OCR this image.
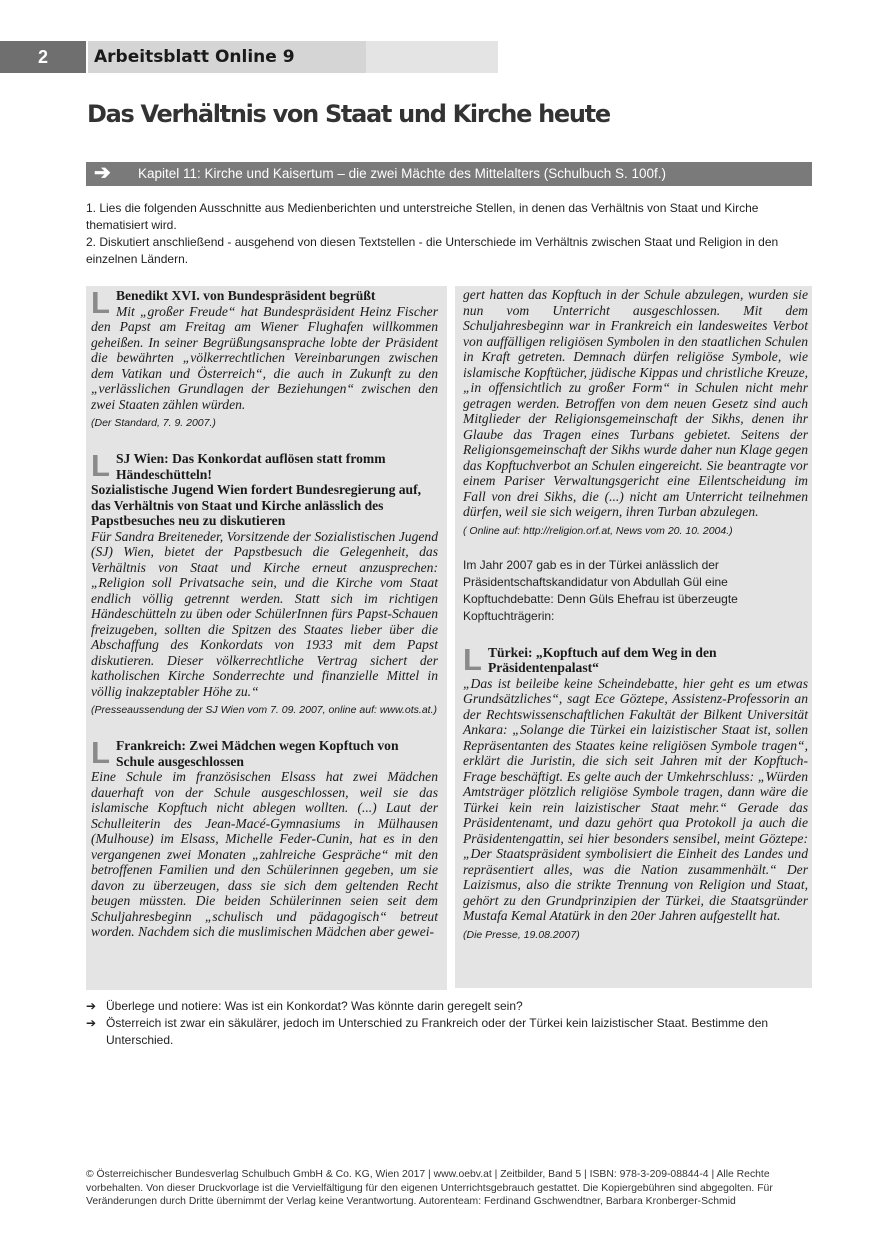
2	Arbeitsblatt Online 9
Das Verhältnis von Staat und Kirche heute
➔ Kapitel 11: Kirche und Kaisertum – die zwei Mächte des Mittelalters (Schulbuch S. 100f.)

1. Lies die folgenden Ausschnitte aus Medienberichten und unterstreiche Stellen, in denen das Verhältnis von Staat und Kirche thematisiert wird.

2. Diskutiert anschließend - ausgehend von diesen Textstellen - die Unterschiede im Verhältnis zwischen Staat und Religion in den einzelnen Ländern.

L Benedikt XVI. von Bundespräsident begrüßt
Mit „großer Freude“ hat Bundespräsident Heinz Fischer den Papst am Freitag am Wiener Flughafen willkommen geheißen. In seiner Begrüßungsansprache lobte der Präsident die bewährten „völkerrechtlichen Vereinbarungen zwischen dem Vatikan und Österreich“, die auch in Zukunft zu den „verlässlichen Grundlagen der Beziehungen“ zwischen den zwei Staaten zählen würden.
(Der Standard, 7. 9. 2007.)
L SJ Wien: Das Konkordat auflösen statt fromm Händeschütteln!
Sozialistische Jugend Wien fordert Bundesregierung auf, das Verhältnis von Staat und Kirche anlässlich des Papstbesuches neu zu diskutieren
Für Sandra Breiteneder, Vorsitzende der Sozialistischen Jugend (SJ) Wien, bietet der Papstbesuch die Gelegenheit, das Verhältnis von Staat und Kirche erneut anzusprechen: „Religion soll Privatsache sein, und die Kirche vom Staat endlich völlig getrennt werden. Statt sich im richtigen Händeschütteln zu üben oder SchülerInnen fürs Papst-Schauen freizugeben, sollten die Spitzen des Staates lieber über die Abschaffung des Konkordats von 1933 mit dem Papst diskutieren. Dieser völkerrechtliche Vertrag sichert der katholischen Kirche Sonderrechte und finanzielle Mittel in völlig inakzeptabler Höhe zu.“
(Presseaussendung der SJ Wien vom 7. 09. 2007, online auf: www.ots.at.)
L Frankreich: Zwei Mädchen wegen Kopftuch von Schule ausgeschlossen
Eine Schule im französischen Elsass hat zwei Mädchen dauerhaft von der Schule ausgeschlossen, weil sie das islamische Kopftuch nicht ablegen wollten. (...) Laut der Schulleiterin des Jean-Macé-Gymnasiums in Mülhausen (Mulhouse) im Elsass, Michelle Feder-Cunin, hat es in den vergangenen zwei Monaten „zahlreiche Gespräche“ mit den betroffenen Familien und den Schülerinnen gegeben, um sie davon zu überzeugen, dass sie sich dem geltenden Recht beugen müssten. Die beiden Schülerinnen seien seit dem Schuljahresbeginn „schulisch und pädagogisch“ betreut worden. Nachdem sich die muslimischen Mädchen aber gewei-
gert hatten das Kopftuch in der Schule abzulegen, wurden sie nun vom Unterricht ausgeschlossen. Mit dem Schuljahresbeginn war in Frankreich ein landesweites Verbot von auffälligen religiösen Symbolen in den staatlichen Schulen in Kraft getreten. Demnach dürfen religiöse Symbole, wie islamische Kopftücher, jüdische Kippas und christliche Kreuze, „in offensichtlich zu großer Form“ in Schulen nicht mehr getragen werden. Betroffen von dem neuen Gesetz sind auch Mitglieder der Religionsgemeinschaft der Sikhs, denen ihr Glaube das Tragen eines Turbans gebietet. Seitens der Religionsgemeinschaft der Sikhs wurde daher nun Klage gegen das Kopftuchverbot an Schulen eingereicht. Sie beantragte vor einem Pariser Verwaltungsgericht eine Eilentscheidung im Fall von drei Sikhs, die (...) nicht am Unterricht teilnehmen dürfen, weil sie sich weigern, ihren Turban abzulegen.
( Online auf: http://religion.orf.at, News vom 20. 10. 2004.)
Im Jahr 2007 gab es in der Türkei anlässlich der Präsidentschaftskandidatur von Abdullah Gül eine Kopftuchdebatte: Denn Güls Ehefrau ist überzeugte Kopftuchträgerin:
L Türkei: „Kopftuch auf dem Weg in den Präsidentenpalast“
„Das ist beileibe keine Scheindebatte, hier geht es um etwas Grundsätzliches“, sagt Ece Göztepe, Assistenz-Professorin an der Rechtswissenschaftlichen Fakultät der Bilkent Universität Ankara: „Solange die Türkei ein laizistischer Staat ist, sollen Repräsentanten des Staates keine religiösen Symbole tragen“, erklärt die Juristin, die sich seit Jahren mit der Kopftuch-Frage beschäftigt. Es gelte auch der Umkehrschluss: „Würden Amtsträger plötzlich religiöse Symbole tragen, dann wäre die Türkei kein rein laizistischer Staat mehr.“ Gerade das Präsidentenamt, und dazu gehört qua Protokoll ja auch die Präsidentengattin, sei hier besonders sensibel, meint Göztepe: „Der Staatspräsident symbolisiert die Einheit des Landes und repräsentiert alles, was die Nation zusammenhält.“ Der Laizismus, also die strikte Trennung von Religion und Staat, gehört zu den Grundprinzipien der Türkei, die Staatsgründer Mustafa Kemal Atatürk in den 20er Jahren aufgestellt hat.
(Die Presse, 19.08.2007)
➔ Überlege und notiere: Was ist ein Konkordat? Was könnte darin geregelt sein?
➔ Österreich ist zwar ein säkulärer, jedoch im Unterschied zu Frankreich oder der Türkei kein laizistischer Staat. Bestimme den Unterschied.
© Österreichischer Bundesverlag Schulbuch GmbH & Co. KG, Wien 2017 | www.oebv.at | Zeitbilder, Band 5 | ISBN: 978-3-209-08844-4 | Alle Rechte vorbehalten. Von dieser Druckvorlage ist die Vervielfältigung für den eigenen Unterrichtsgebrauch gestattet. Die Kopiergebühren sind abgegolten. Für Veränderungen durch Dritte übernimmt der Verlag keine Verantwortung. Autorenteam: Ferdinand Gschwendtner, Barbara Kronberger-Schmid
